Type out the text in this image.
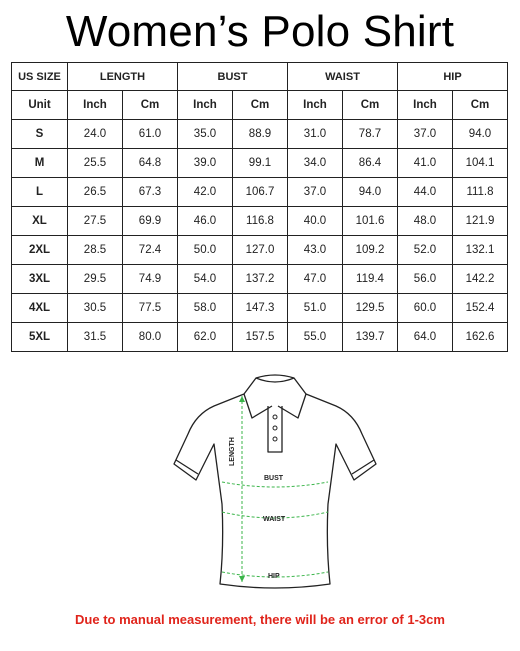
Women’s Polo Shirt
US SIZE	LENGTH		BUST		WAIST		HIP	
Unit	Inch	Cm	Inch	Cm	Inch	Cm	Inch	Cm
S	24.0	61.0	35.0	88.9	31.0	78.7	37.0	94.0
M	25.5	64.8	39.0	99.1	34.0	86.4	41.0	104.1
L	26.5	67.3	42.0	106.7	37.0	94.0	44.0	111.8
XL	27.5	69.9	46.0	116.8	40.0	101.6	48.0	121.9
2XL	28.5	72.4	50.0	127.0	43.0	109.2	52.0	132.1
3XL	29.5	74.9	54.0	137.2	47.0	119.4	56.0	142.2
4XL	30.5	77.5	58.0	147.3	51.0	129.5	60.0	152.4
5XL	31.5	80.0	62.0	157.5	55.0	139.7	64.0	162.6
LENGTH
BUST
WAIST
HIP
Due to manual measurement, there will be an error of 1-3cm
